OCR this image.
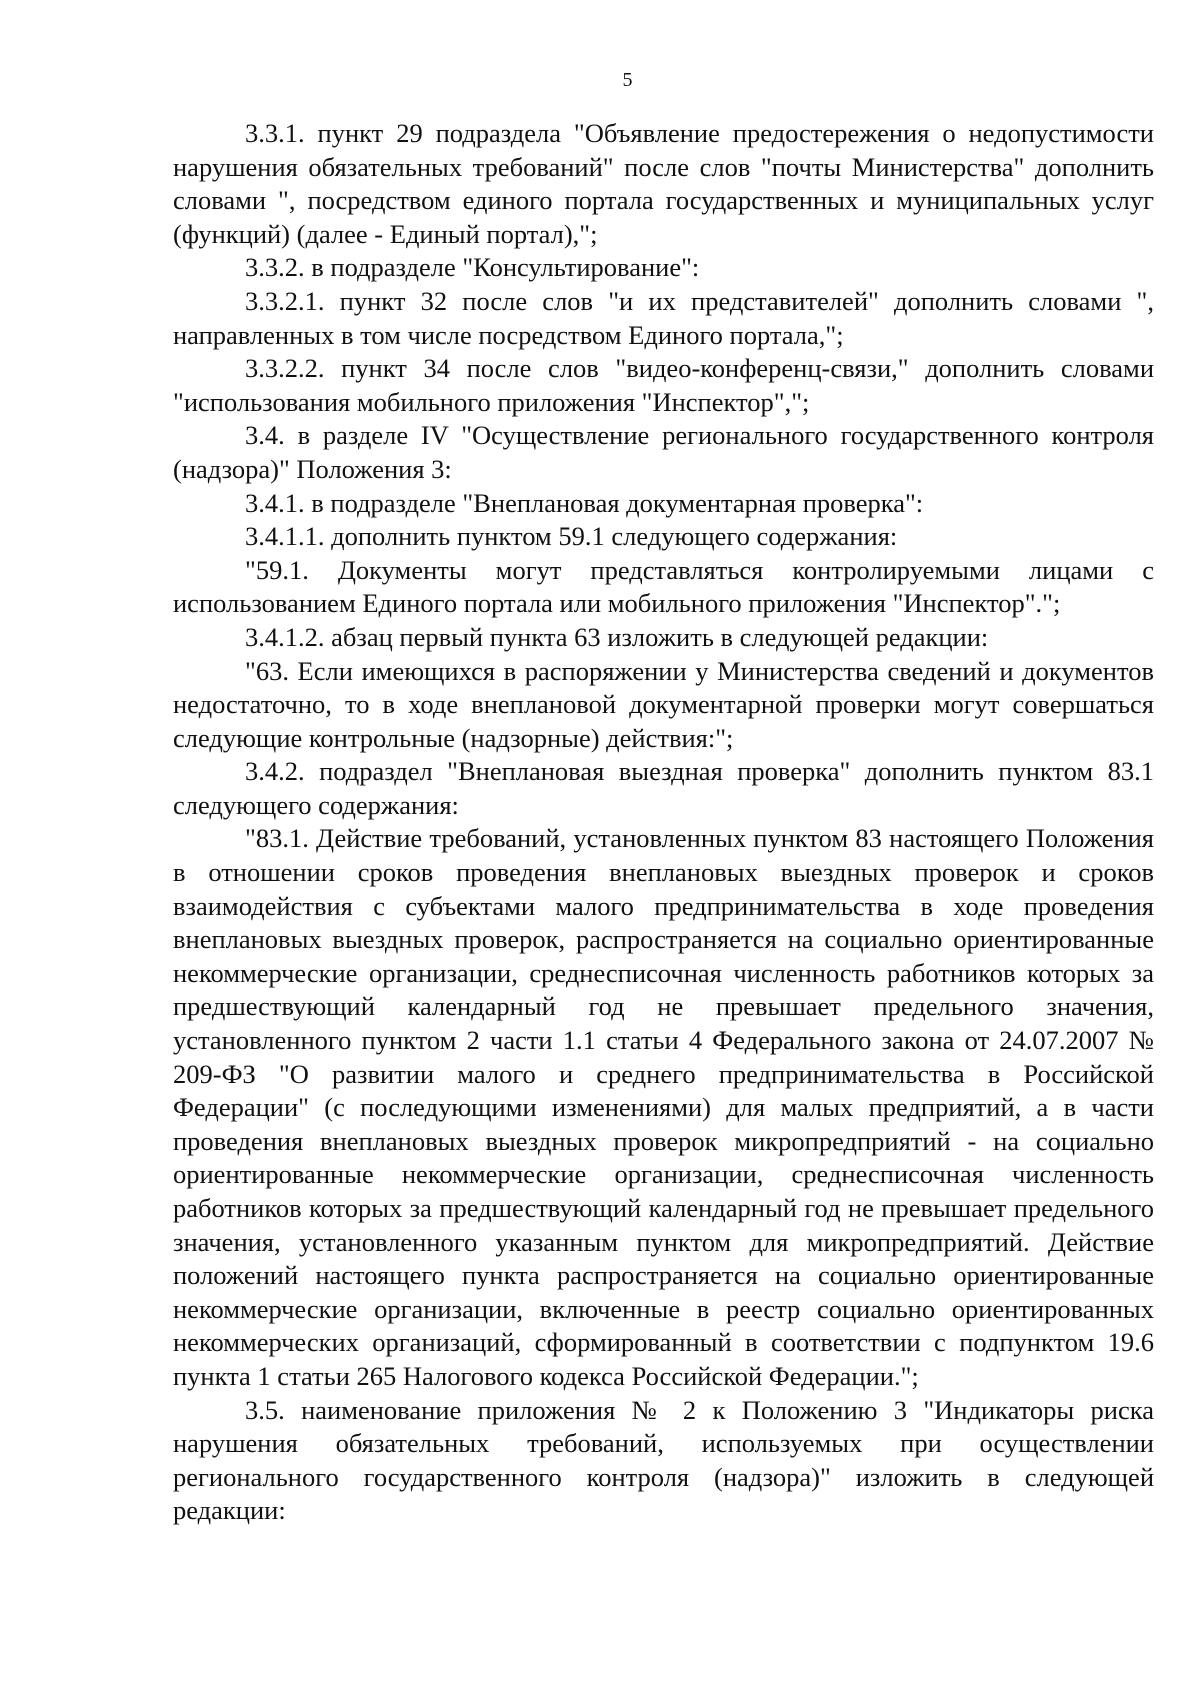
5

3.3.1. пункт 29 подраздела "Объявление предостережения о недопустимости нарушения обязательных требований" после слов "почты Министерства" дополнить словами ", посредством единого портала государственных и муниципальных услуг (функций) (далее - Единый портал),";

3.3.2. в подразделе "Консультирование":

3.3.2.1. пункт 32 после слов "и их представителей" дополнить словами ", направленных в том числе посредством Единого портала,";

3.3.2.2. пункт 34 после слов "видео-конференц-связи," дополнить словами "использования мобильного приложения "Инспектор",";

3.4. в разделе IV "Осуществление регионального государственного контроля (надзора)" Положения 3:

3.4.1. в подразделе "Внеплановая документарная проверка":

3.4.1.1. дополнить пунктом 59.1 следующего содержания:

"59.1. Документы могут представляться контролируемыми лицами с использованием Единого портала или мобильного приложения "Инспектор".";

3.4.1.2. абзац первый пункта 63 изложить в следующей редакции:

"63. Если имеющихся в распоряжении у Министерства сведений и документов недостаточно, то в ходе внеплановой документарной проверки могут совершаться следующие контрольные (надзорные) действия:";

3.4.2. подраздел "Внеплановая выездная проверка" дополнить пунктом 83.1 следующего содержания:

"83.1. Действие требований, установленных пунктом 83 настоящего Положения в отношении сроков проведения внеплановых выездных проверок и сроков взаимодействия с субъектами малого предпринимательства в ходе проведения внеплановых выездных проверок, распространяется на социально ориентированные некоммерческие организации, среднесписочная численность работников которых за предшествующий календарный год не превышает предельного значения, установленного пунктом 2 части 1.1 статьи 4 Федерального закона от 24.07.2007 № 209-ФЗ "О развитии малого и среднего предпринимательства в Российской Федерации" (с последующими изменениями) для малых предприятий, а в части проведения внеплановых выездных проверок микропредприятий - на социально ориентированные некоммерческие организации, среднесписочная численность работников которых за предшествующий календарный год не превышает предельного значения, установленного указанным пунктом для микропредприятий. Действие положений настоящего пункта распространяется на социально ориентированные некоммерческие организации, включенные в реестр социально ориентированных некоммерческих организаций, сформированный в соответствии с подпунктом 19.6 пункта 1 статьи 265 Налогового кодекса Российской Федерации.";

3.5. наименование приложения № 2 к Положению 3 "Индикаторы риска нарушения обязательных требований, используемых при осуществлении регионального государственного контроля (надзора)" изложить в следующей редакции:
